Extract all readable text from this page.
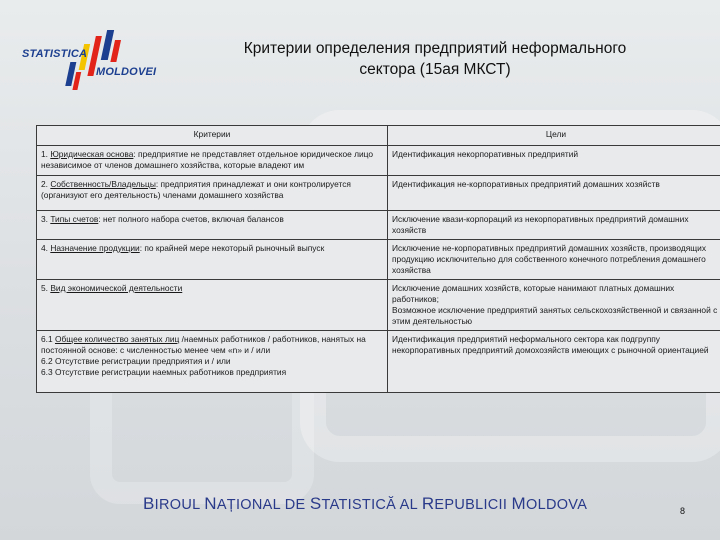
STATISTICA
MOLDOVEI
Критерии определения предприятий неформального
сектора (15ая МКСТ)
Критерии	Цели
1. Юридическая основа: предприятие не представляет отдельное юридическое лицо независимое от членов домашнего хозяйства, которые владеют им	Идентификация некорпоративных предприятий
2. Собственность/Владельцы: предприятия принадлежат и они контролируется (организуют его деятельность) членами домашнего хозяйства	Идентификация не-корпоративных предприятий домашних хозяйств
3. Типы счетов: нет полного набора счетов, включая балансов	Исключение квази-корпораций из некорпоративных предприятий домашних хозяйств
4. Назначение продукции: по крайней мере некоторый рыночный выпуск	Исключение не-корпоративных предприятий домашних хозяйств, производящих продукцию исключительно для собственного конечного потребления домашнего хозяйства
5. Вид экономической деятельности	Исключение домашних хозяйств, которые нанимают платных домашних работников;
Возможное исключение предприятий занятых сельскохозяйственной и связанной с этим деятельностью

6.1 Общее количество занятых лиц /наемных работников / работников, нанятых на постоянной основе: с численностью менее чем «n» и / или
6.2 Отсутствие регистрации предприятия и / или
6.3 Отсутствие регистрации наемных работников предприятия	Идентификация предприятий неформального сектора как подгруппу некорпоративных предприятий домохозяйств имеющих с рыночной ориентацией
BIROUL NAȚIONAL DE STATISTICĂ AL REPUBLICII MOLDOVA	8
